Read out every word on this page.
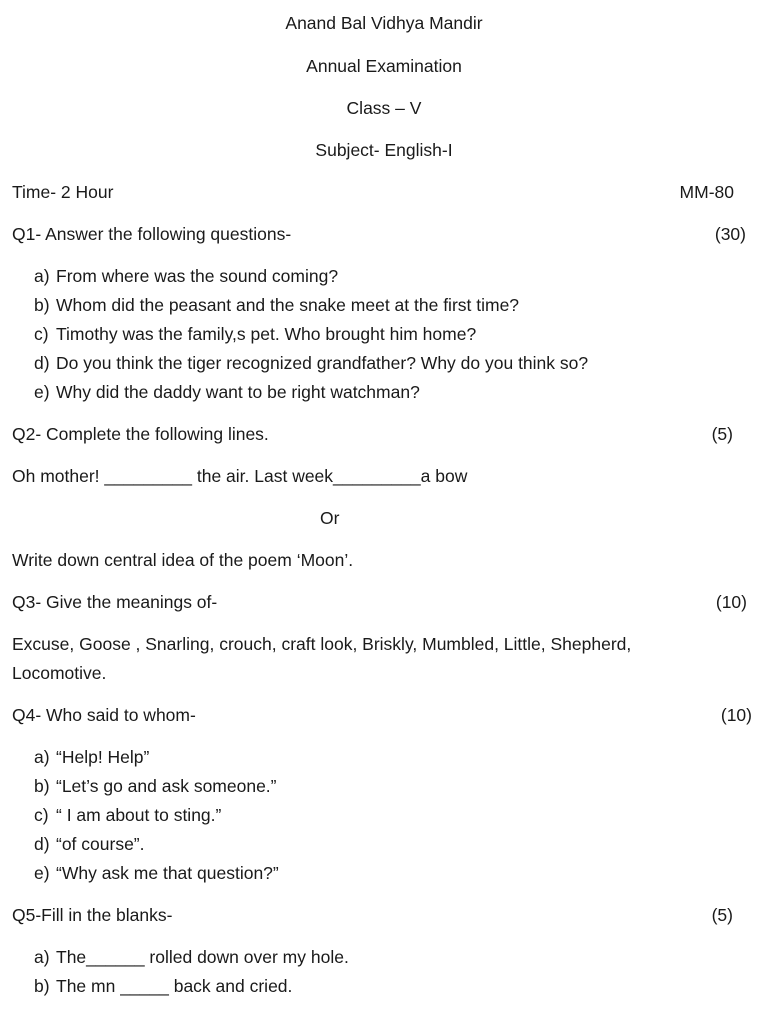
Anand Bal Vidhya Mandir
Annual Examination
Class – V
Subject- English-I
Time- 2 Hour	MM-80
Q1- Answer the following questions-	(30)
a) From where was the sound coming?
b) Whom did the peasant and the snake meet at the first time?
c) Timothy was the family,s pet. Who brought him home?
d) Do you think the tiger recognized grandfather? Why do you think so?
e) Why did the daddy want to be right watchman?
Q2- Complete the following lines.	(5)
Oh mother! _________ the air. Last week_________a bow
Or
Write down central idea of the poem ‘Moon’.
Q3- Give the meanings of-	(10)
Excuse, Goose , Snarling, crouch, craft look, Briskly, Mumbled, Little, Shepherd,
Locomotive.
Q4- Who said to whom-	(10)
a) “Help! Help”
b) “Let’s go and ask someone.”
c) “ I am about to sting.”
d) “of course”.
e) “Why ask me that question?”
Q5-Fill in the blanks-	(5)
a) The______ rolled down over my hole.
b) The mn _____ back and cried.
